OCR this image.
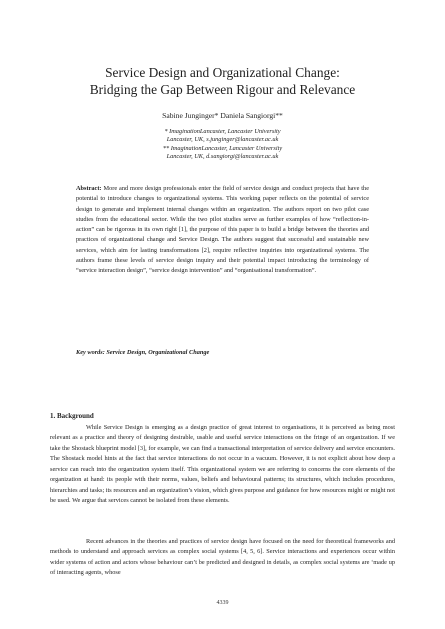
Service Design and Organizational Change:
Bridging the Gap Between Rigour and Relevance
Sabine Junginger* Daniela Sangiorgi**
* ImaginationLancaster, Lancaster University
Lancaster, UK, s.junginger@lancaster.ac.uk
** ImaginationLancaster, Lancaster University
Lancaster, UK, d.sangiorgi@lancaster.ac.uk
Abstract: More and more design professionals enter the field of service design and conduct projects that have the potential to introduce changes to organizational systems. This working paper reflects on the potential of service design to generate and implement internal changes within an organization. The authors report on two pilot case studies from the educational sector. While the two pilot studies serve as further examples of how “reflection-in-action” can be rigorous in its own right [1], the purpose of this paper is to build a bridge between the theories and practices of organizational change and Service Design. The authors suggest that successful and sustainable new services, which aim for lasting transformations [2], require reflective inquiries into organizational systems. The authors frame these levels of service design inquiry and their potential impact introducing the terminology of “service interaction design”, “service design intervention” and “organisational transformation”.
Key words: Service Design, Organizational Change
1. Background
While Service Design is emerging as a design practice of great interest to organisations, it is perceived as being most relevant as a practice and theory of designing desirable, usable and useful service interactions on the fringe of an organization. If we take the Shostack blueprint model [3], for example, we can find a transactional interpretation of service delivery and service encounters. The Shostack model hints at the fact that service interactions do not occur in a vacuum. However, it is not explicit about how deep a service can reach into the organization system itself. This organizational system we are referring to concerns the core elements of the organization at hand: its people with their norms, values, beliefs and behavioural patterns; its structures, which includes procedures, hierarchies and tasks; its resources and an organization’s vision, which gives purpose and guidance for how resources might or might not be used. We argue that services cannot be isolated from these elements.
Recent advances in the theories and practices of service design have focused on the need for theoretical frameworks and methods to understand and approach services as complex social systems [4, 5, 6]. Service interactions and experiences occur within wider systems of action and actors whose behaviour can’t be predicted and designed in details, as complex social systems are ‘made up of interacting agents, whose
4339
